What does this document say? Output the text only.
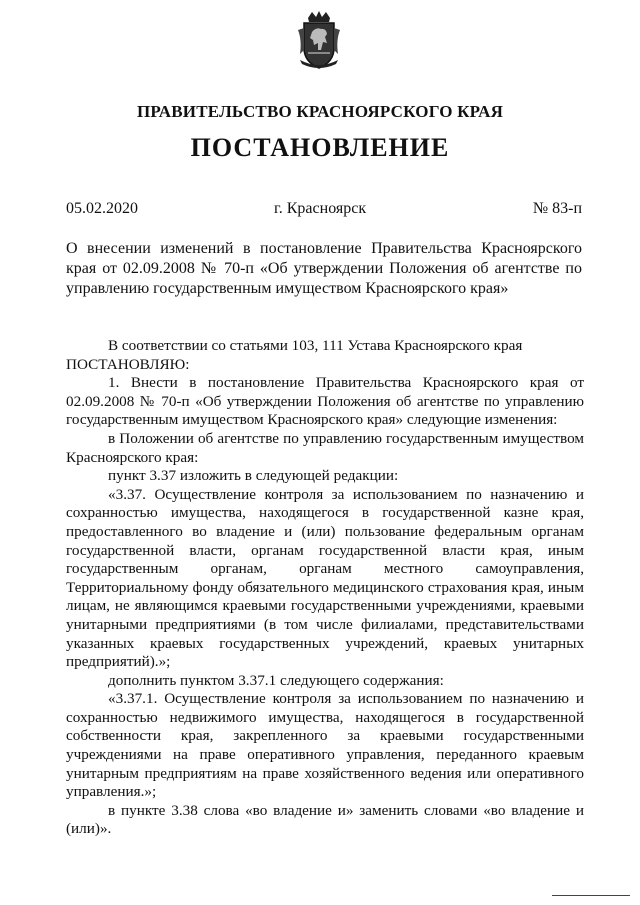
ПРАВИТЕЛЬСТВО КРАСНОЯРСКОГО КРАЯ
ПОСТАНОВЛЕНИЕ
05.02.2020	г. Красноярск	№ 83-п
О внесении изменений в постановление Правительства Красноярского края от 02.09.2008 № 70-п «Об утверждении Положения об агентстве по управлению государственным имуществом Красноярского края»

В соответствии со статьями 103, 111 Устава Красноярского края

ПОСТАНОВЛЯЮ:

1. Внести в постановление Правительства Красноярского края от 02.09.2008 № 70-п «Об утверждении Положения об агентстве по управлению государственным имуществом Красноярского края» следующие изменения:

в Положении об агентстве по управлению государственным имуществом Красноярского края:

пункт 3.37 изложить в следующей редакции:

«3.37. Осуществление контроля за использованием по назначению и сохранностью имущества, находящегося в государственной казне края, предоставленного во владение и (или) пользование федеральным органам государственной власти, органам государственной власти края, иным государственным органам, органам местного самоуправления, Территориальному фонду обязательного медицинского страхования края, иным лицам, не являющимся краевыми государственными учреждениями, краевыми унитарными предприятиями (в том числе филиалами, представительствами указанных краевых государственных учреждений, краевых унитарных предприятий).»;

дополнить пунктом 3.37.1 следующего содержания:

«3.37.1. Осуществление контроля за использованием по назначению и сохранностью недвижимого имущества, находящегося в государственной собственности края, закрепленного за краевыми государственными учреждениями на праве оперативного управления, переданного краевым унитарным предприятиям на праве хозяйственного ведения или оперативного управления.»;

в пункте 3.38 слова «во владение и» заменить словами «во владение и (или)».
